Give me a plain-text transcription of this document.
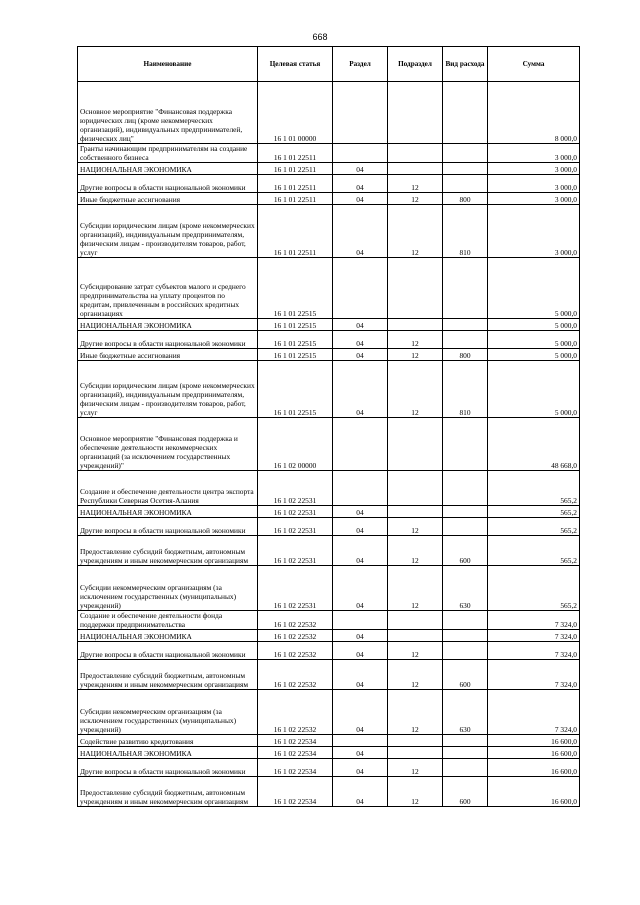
668
Наименование	Целевая статья	Раздел	Подраздел	Вид расхода	Сумма
Основное мероприятие "Финансовая поддержка юридических лиц (кроме некоммерческих организаций), индивидуальных предпринимателей, физических лиц"	16 1 01 00000				8 000,0
Гранты начинающим предпринимателям на создание собственного бизнеса	16 1 01 22511				3 000,0
НАЦИОНАЛЬНАЯ ЭКОНОМИКА	16 1 01 22511	04			3 000,0
Другие вопросы в области национальной экономики	16 1 01 22511	04	12		3 000,0
Иные бюджетные ассигнования	16 1 01 22511	04	12	800	3 000,0
Субсидии юридическим лицам (кроме некоммерческих организаций), индивидуальным предпринимателям, физическим лицам - производителям товаров, работ, услуг	16 1 01 22511	04	12	810	3 000,0
Субсидирование затрат субъектов малого и среднего предпринимательства на уплату процентов по кредитам, привлеченным в российских кредитных организациях	16 1 01 22515				5 000,0
НАЦИОНАЛЬНАЯ ЭКОНОМИКА	16 1 01 22515	04			5 000,0
Другие вопросы в области национальной экономики	16 1 01 22515	04	12		5 000,0
Иные бюджетные ассигнования	16 1 01 22515	04	12	800	5 000,0
Субсидии юридическим лицам (кроме некоммерческих организаций), индивидуальным предпринимателям, физическим лицам - производителям товаров, работ, услуг	16 1 01 22515	04	12	810	5 000,0
Основное мероприятие "Финансовая поддержка и обеспечение деятельности некоммерческих организаций (за исключением государственных учреждений)"	16 1 02 00000				48 668,0
Создание и обеспечение деятельности центра экспорта Республики Северная Осетия-Алания	16 1 02 22531				565,2
НАЦИОНАЛЬНАЯ ЭКОНОМИКА	16 1 02 22531	04			565,2
Другие вопросы в области национальной экономики	16 1 02 22531	04	12		565,2
Предоставление субсидий бюджетным, автономным учреждениям и иным некоммерческим организациям	16 1 02 22531	04	12	600	565,2
Субсидии некоммерческим организациям (за исключением государственных (муниципальных) учреждений)	16 1 02 22531	04	12	630	565,2
Создание и обеспечение деятельности фонда поддержки предпринимательства	16 1 02 22532				7 324,0
НАЦИОНАЛЬНАЯ ЭКОНОМИКА	16 1 02 22532	04			7 324,0
Другие вопросы в области национальной экономики	16 1 02 22532	04	12		7 324,0
Предоставление субсидий бюджетным, автономным учреждениям и иным некоммерческим организациям	16 1 02 22532	04	12	600	7 324,0
Субсидии некоммерческим организациям (за исключением государственных (муниципальных) учреждений)	16 1 02 22532	04	12	630	7 324,0
Содействие развитию кредитования	16 1 02 22534				16 600,0
НАЦИОНАЛЬНАЯ ЭКОНОМИКА	16 1 02 22534	04			16 600,0
Другие вопросы в области национальной экономики	16 1 02 22534	04	12		16 600,0
Предоставление субсидий бюджетным, автономным учреждениям и иным некоммерческим организациям	16 1 02 22534	04	12	600	16 600,0
